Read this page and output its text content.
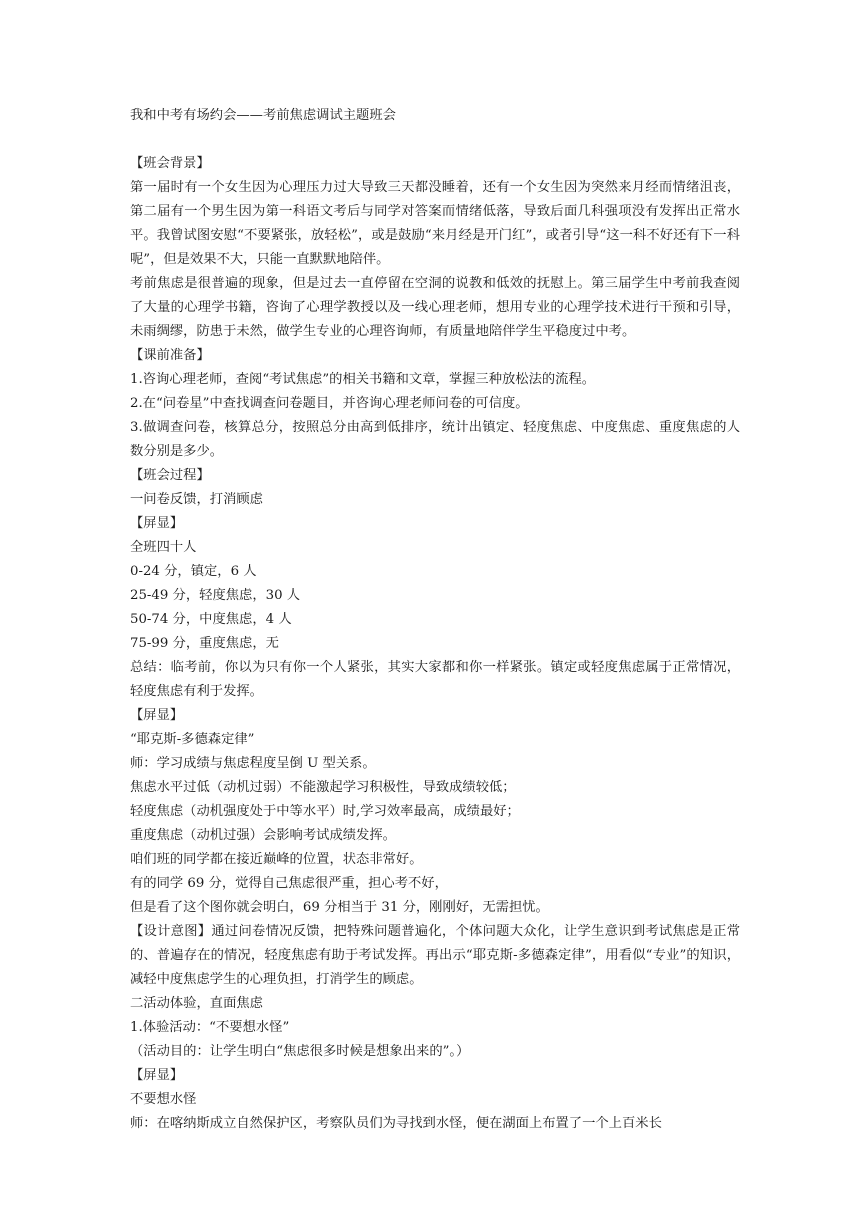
我和中考有场约会——考前焦虑调试主题班会
【班会背景】
第一届时有一个女生因为心理压力过大导致三天都没睡着，还有一个女生因为突然来月经而情绪沮丧，第二届有一个男生因为第一科语文考后与同学对答案而情绪低落，导致后面几科强项没有发挥出正常水平。我曾试图安慰“不要紧张，放轻松”，或是鼓励“来月经是开门红”，或者引导“这一科不好还有下一科呢”，但是效果不大，只能一直默默地陪伴。
考前焦虑是很普遍的现象，但是过去一直停留在空洞的说教和低效的抚慰上。第三届学生中考前我查阅了大量的心理学书籍，咨询了心理学教授以及一线心理老师，想用专业的心理学技术进行干预和引导，未雨绸缪，防患于未然，做学生专业的心理咨询师，有质量地陪伴学生平稳度过中考。
【课前准备】
1.咨询心理老师，查阅“考试焦虑”的相关书籍和文章，掌握三种放松法的流程。
2.在“问卷星”中查找调查问卷题目，并咨询心理老师问卷的可信度。
3.做调查问卷，核算总分，按照总分由高到低排序，统计出镇定、轻度焦虑、中度焦虑、重度焦虑的人数分别是多少。
【班会过程】
一问卷反馈，打消顾虑
【屏显】
全班四十人
0-24 分，镇定，6 人
25-49 分，轻度焦虑，30 人
50-74 分，中度焦虑，4 人
75-99 分，重度焦虑，无
总结：临考前，你以为只有你一个人紧张，其实大家都和你一样紧张。镇定或轻度焦虑属于正常情况，轻度焦虑有利于发挥。
【屏显】
“耶克斯-多德森定律”
师：学习成绩与焦虑程度呈倒 U 型关系。
焦虑水平过低（动机过弱）不能激起学习积极性，导致成绩较低；
轻度焦虑（动机强度处于中等水平）时,学习效率最高，成绩最好；
重度焦虑（动机过强）会影响考试成绩发挥。
咱们班的同学都在接近巅峰的位置，状态非常好。
有的同学 69 分，觉得自己焦虑很严重，担心考不好，
但是看了这个图你就会明白，69 分相当于 31 分，刚刚好，无需担忧。
【设计意图】通过问卷情况反馈，把特殊问题普遍化，个体问题大众化，让学生意识到考试焦虑是正常的、普遍存在的情况，轻度焦虑有助于考试发挥。再出示“耶克斯-多德森定律”，用看似“专业”的知识，减轻中度焦虑学生的心理负担，打消学生的顾虑。
二活动体验，直面焦虑
1.体验活动：“不要想水怪”
（活动目的：让学生明白“焦虑很多时候是想象出来的”。）
【屏显】
不要想水怪
师：在喀纳斯成立自然保护区，考察队员们为寻找到水怪，便在湖面上布置了一个上百米长
